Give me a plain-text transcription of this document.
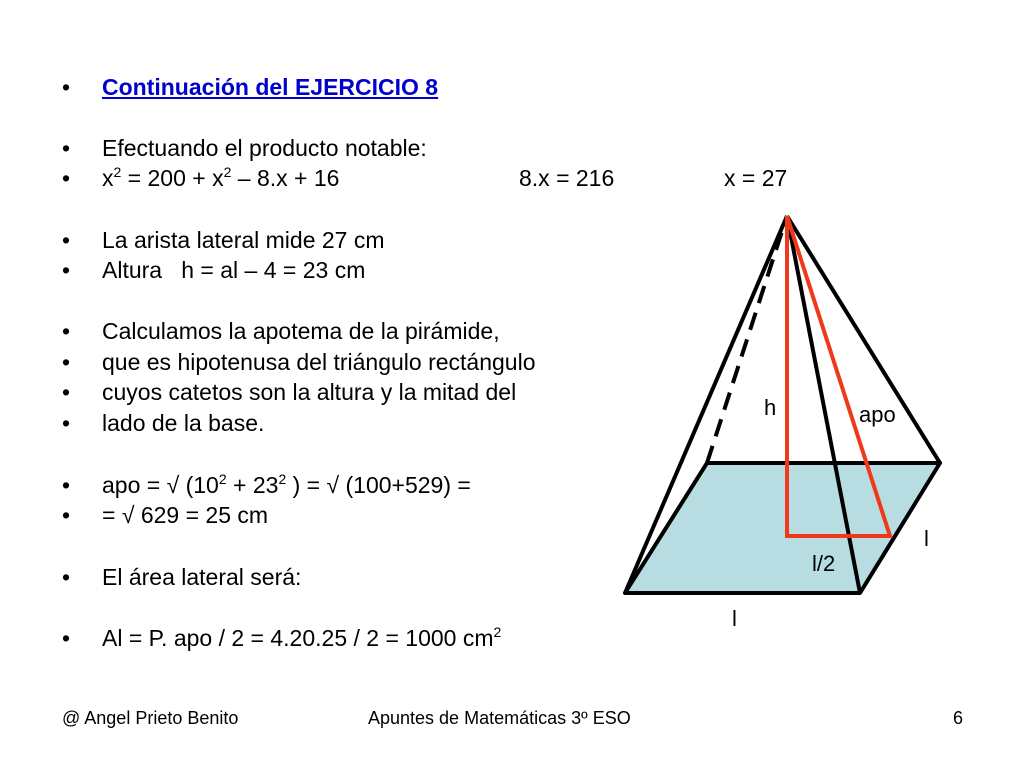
• Continuación del EJERCICIO 8
• Efectuando el producto notable:
• $x^2 = 200 + x^2 - 8.x + 16$	8.x = 216	x = 27
• La arista lateral mide 27 cm
• Altura   h = al – 4 = 23 cm
• Calculamos la apotema de la pirámide,
• que es hipotenusa del triángulo rectángulo
• cuyos catetos son la altura y la mitad del
• lado de la base.
• apo = √ ($10^2 + 23^2$ ) = √ (100+529) =
• = √ 629 = 25 cm
• El área lateral será:
• Al = P. apo / 2 = 4.20.25 / 2 = 1000 $cm^2$
h	apo
l
l/2
l
@ Angel Prieto Benito	Apuntes de Matemáticas 3º ESO	6
